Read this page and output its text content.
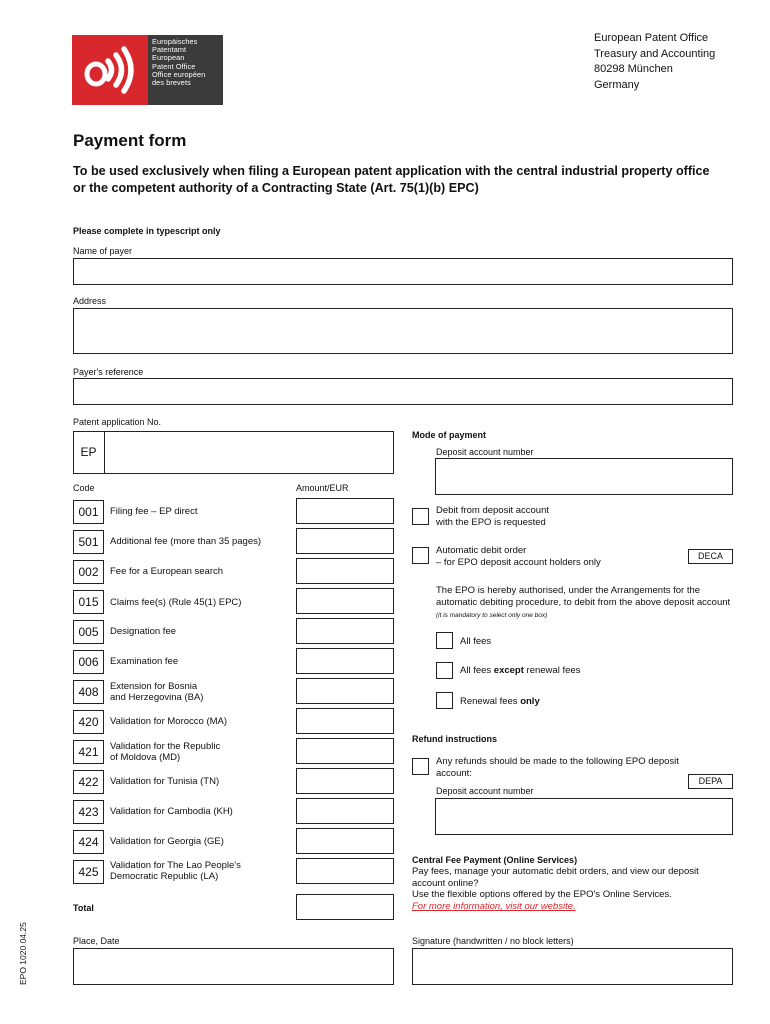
Europäisches
Patentamt
European
Patent Office
Office européen
des brevets
European Patent Office
Treasury and Accounting
80298 München
Germany
Payment form
To be used exclusively when filing a European patent application with the central industrial property office or the competent authority of a Contracting State (Art. 75(1)(b) EPC)
Please complete in typescript only
Name of payer
Address
Payer's reference
Patent application No.
EP
Code	Amount/EUR
001	Filing fee – EP direct
501	Additional fee (more than 35 pages)
002	Fee for a European search
015	Claims fee(s) (Rule 45(1) EPC)
005	Designation fee
006	Examination fee
408	Extension for Bosnia
and Herzegovina (BA)
420	Validation for Morocco (MA)
421	Validation for the Republic
of Moldova (MD)
422	Validation for Tunisia (TN)
423	Validation for Cambodia (KH)
424	Validation for Georgia (GE)
425	Validation for The Lao People's
Democratic Republic (LA)
Total
Mode of payment
Deposit account number
Debit from deposit account
with the EPO is requested
Automatic debit order
– for EPO deposit account holders only
DECA
The EPO is hereby authorised, under the Arrangements for the automatic debiting procedure, to debit from the above deposit account (it is mandatory to select only one box)
All fees
All fees except renewal fees
Renewal fees only
Refund instructions
Any refunds should be made to the following EPO deposit account:
DEPA
Deposit account number
Central Fee Payment (Online Services)
Pay fees, manage your automatic debit orders, and view our deposit account online?
Use the flexible options offered by the EPO's Online Services.
For more information, visit our website.
Place, Date	Signature (handwritten / no block letters)
EPO 1020 04.25
